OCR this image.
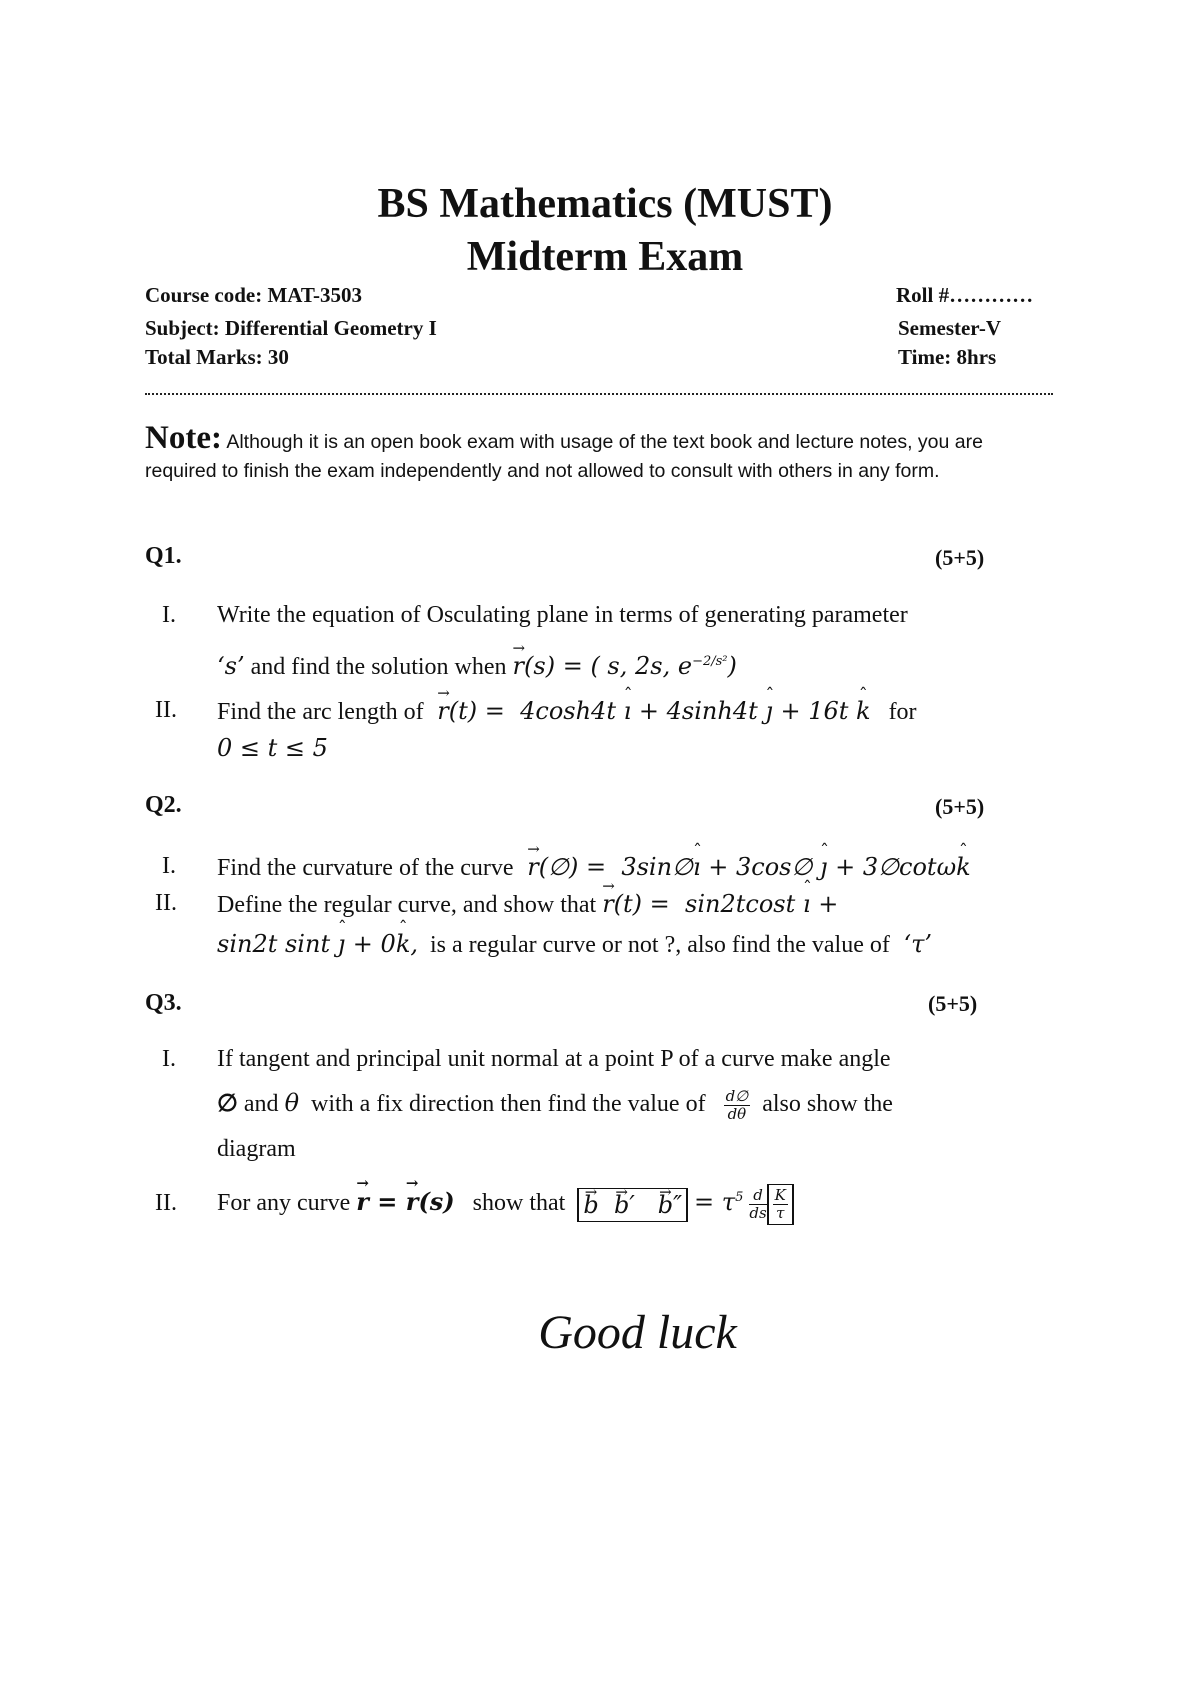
BS Mathematics (MUST)
Midterm Exam
Course code: MAT-3503	Roll #…………
Subject: Differential Geometry I	Semester-V
Total Marks: 30	Time: 8hrs
Note: Although it is an open book exam with usage of the text book and lecture notes, you are required to finish the exam independently and not allowed to consult with others in any form.
Q1.	(5+5)
I. Write the equation of Osculating plane in terms of generating parameter
‘s’ and find the solution when → r(s) = ( s, 2s, $e^{-2/s^2}$)
II. Find the arc length of → r(t) =  4cosh4t ˆ ı + 4sinh4t ˆ ȷ + 16t ˆ k for
0 ≤ t ≤ 5
Q2.	(5+5)
I. Find the curvature of the curve → r(∅) =  3sin∅ˆ ı + 3cos∅ ˆ ȷ + 3∅cotωˆ k
II. Define the regular curve, and show that → r(t) =  sin2tcost ˆ ı +
sin2t sint ˆ ȷ + 0ˆ k, is a regular curve or not ?, also find the value of  ‘τ’
Q3.	(5+5)
I. If tangent and principal unit normal at a point P of a curve make angle
∅ and θ with a fix direction then find the value of $\frac{d\emptyset}{d\theta}$ also show the
diagram
II. For any curve → r = → r(s) show that → $b \to b' \to b'' = \tau^5 \frac{d}{ds} \frac{K}{\tau}$
Good luck
